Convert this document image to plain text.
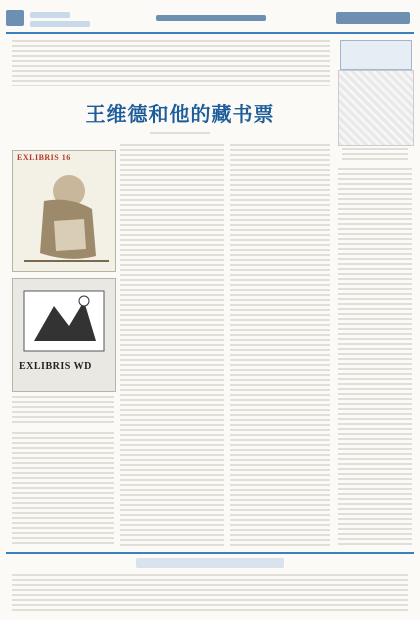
王维德和他的藏书票
EXLIBRIS 16
EXLIBRIS WD
